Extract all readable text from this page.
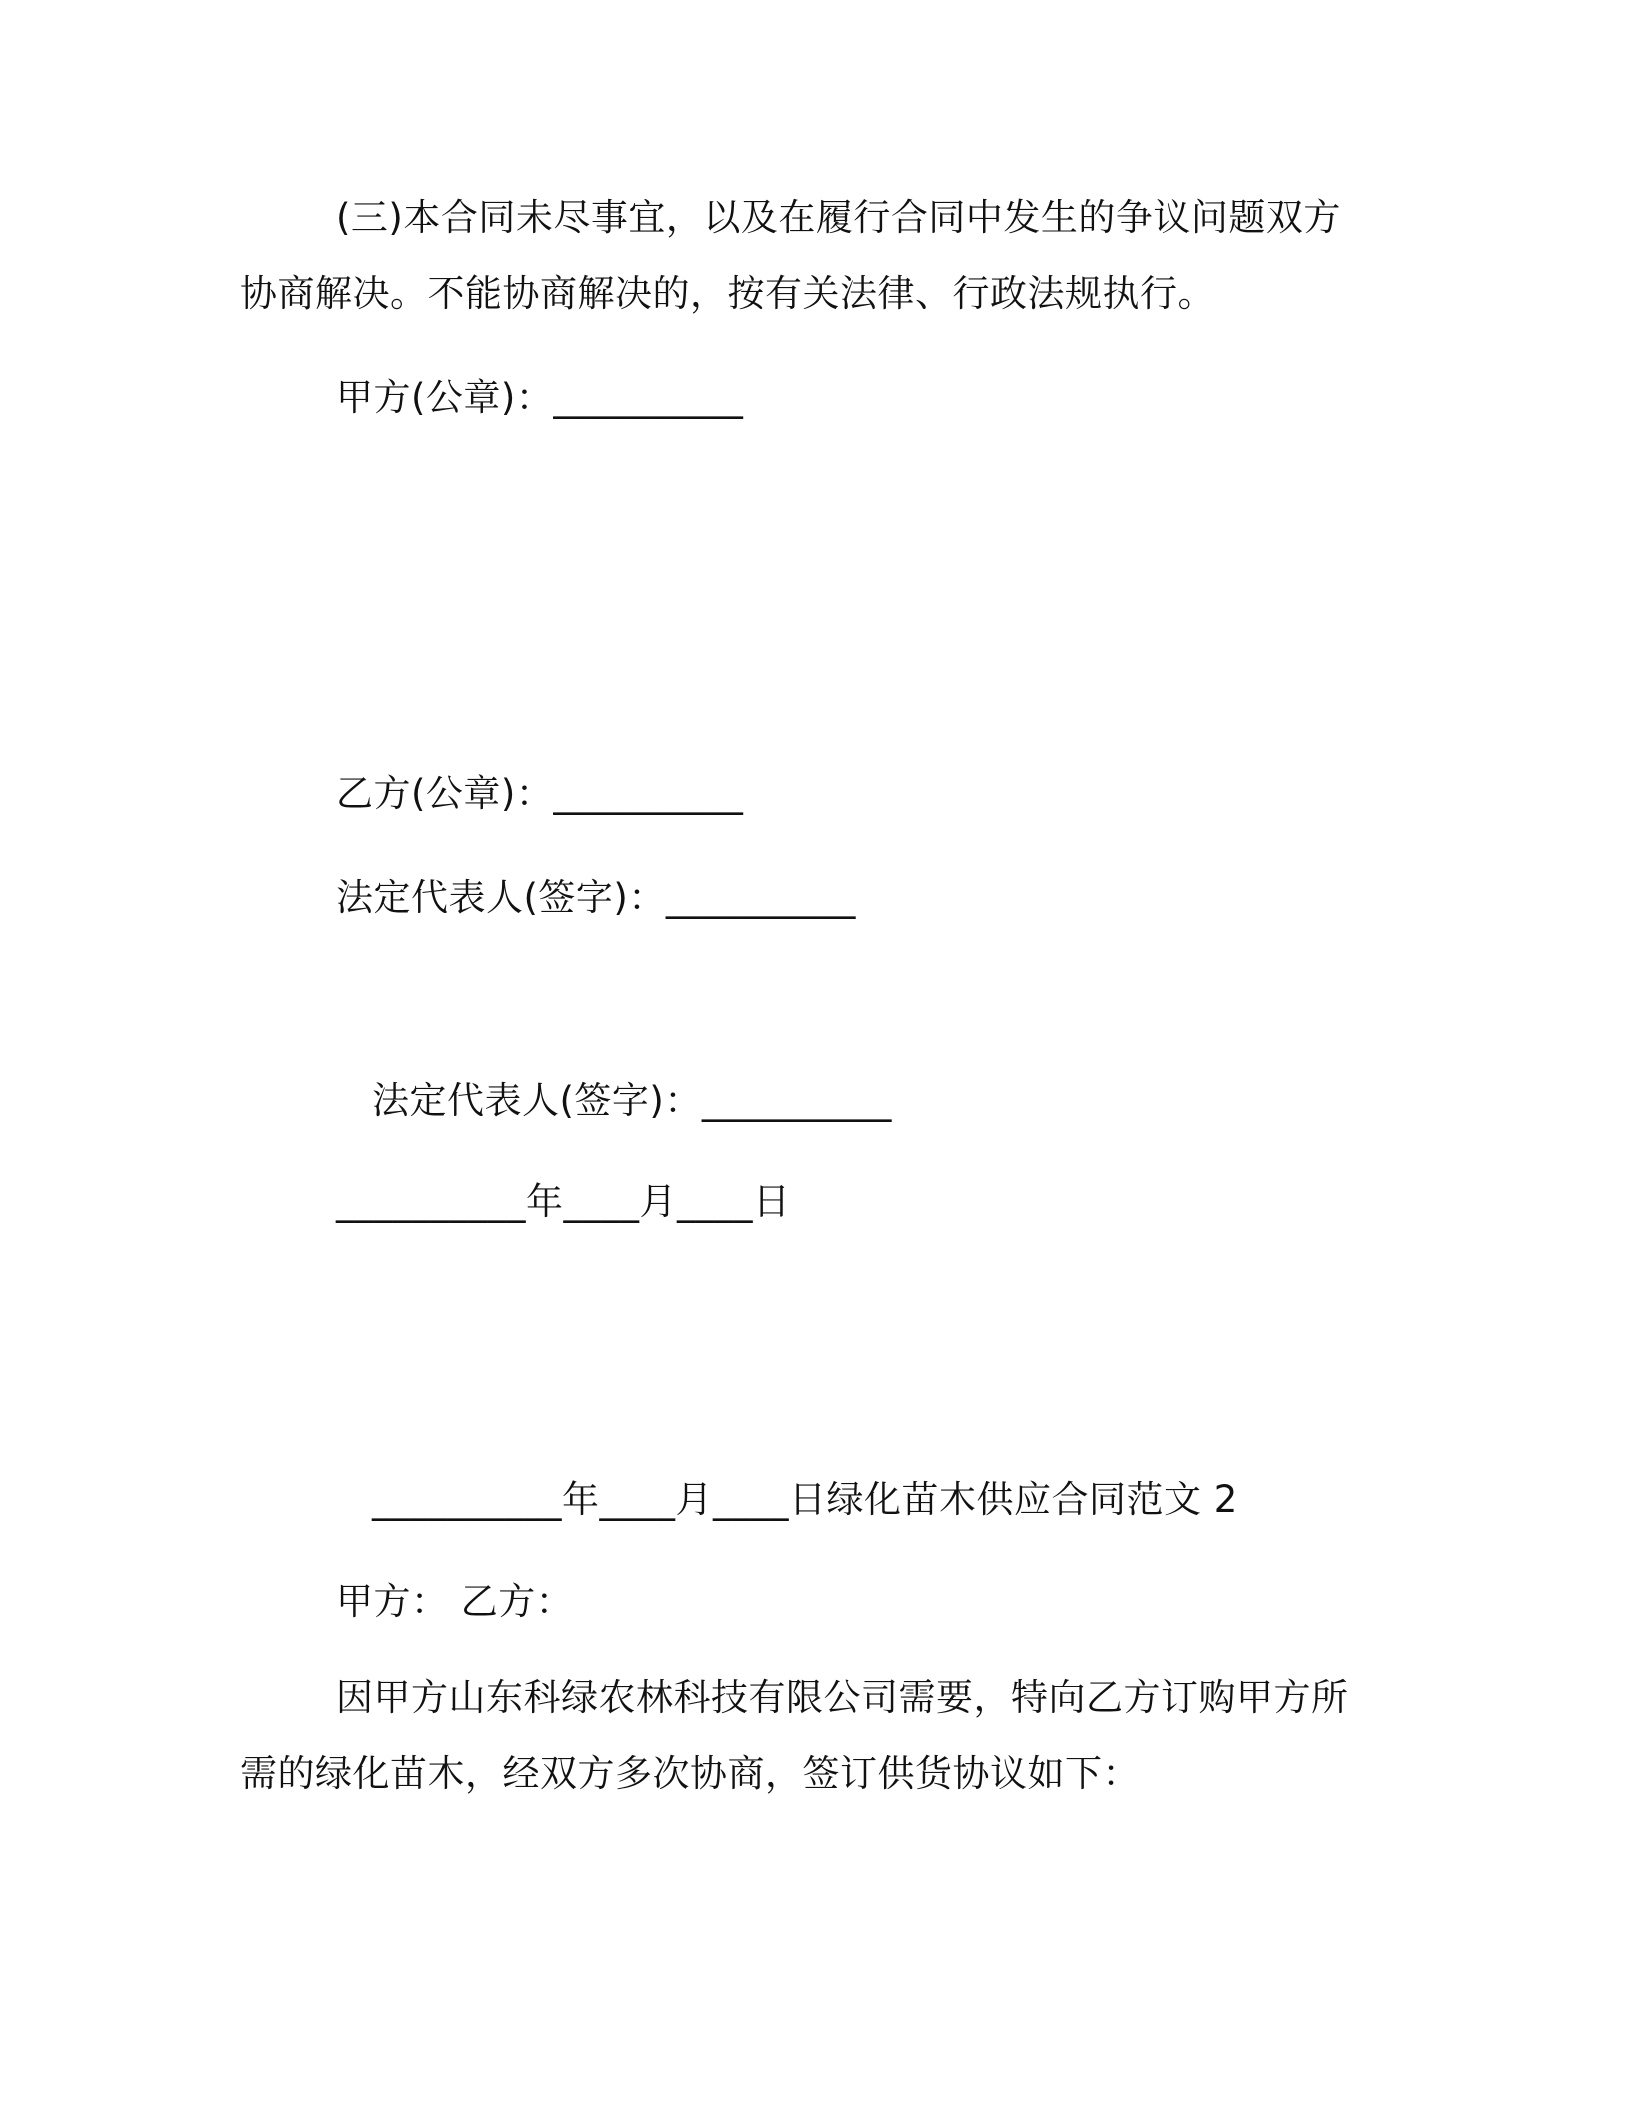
(三)本合同未尽事宜，以及在履行合同中发生的争议问题双方协商解决。不能协商解决的，按有关法律、行政法规执行。
甲方(公章)：__________
乙方(公章)：__________
法定代表人(签字)：__________
法定代表人(签字)：__________
__________年____月____日
__________年____月____日绿化苗木供应合同范文 2
甲方： 乙方：
因甲方山东科绿农林科技有限公司需要，特向乙方订购甲方所需的绿化苗木，经双方多次协商，签订供货协议如下：
